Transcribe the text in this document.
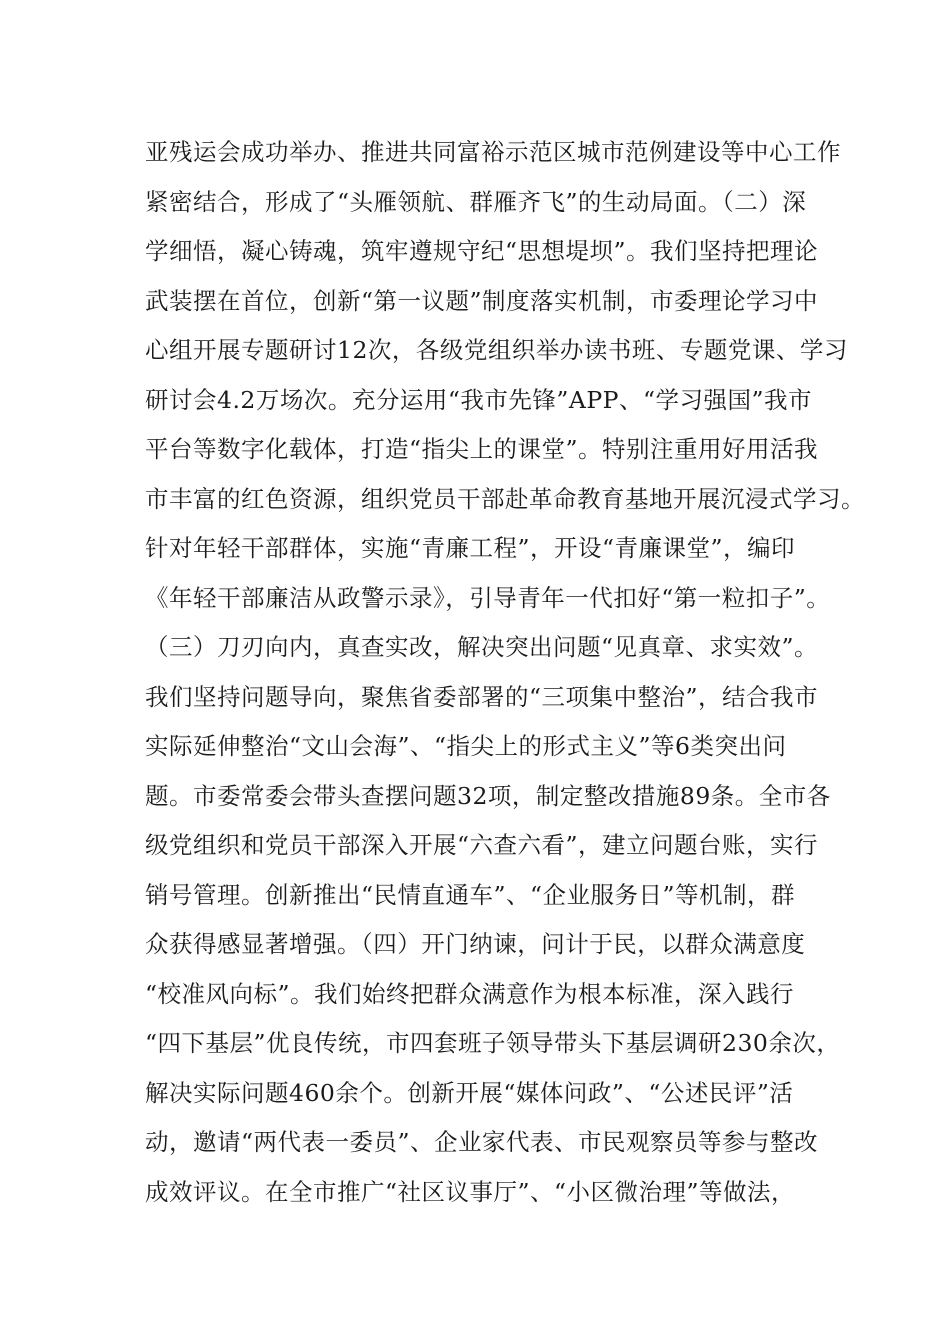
亚残运会成功举办、推进共同富裕示范区城市范例建设等中心工作
紧密结合，形成了“头雁领航、群雁齐飞”的生动局面。（二）深
学细悟，凝心铸魂，筑牢遵规守纪“思想堤坝”。我们坚持把理论
武装摆在首位，创新“第一议题”制度落实机制，市委理论学习中
心组开展专题研讨12次，各级党组织举办读书班、专题党课、学习
研讨会4.2万场次。充分运用“我市先锋”APP、“学习强国”我市
平台等数字化载体，打造“指尖上的课堂”。特别注重用好用活我
市丰富的红色资源，组织党员干部赴革命教育基地开展沉浸式学习。
针对年轻干部群体，实施“青廉工程”，开设“青廉课堂”，编印
《年轻干部廉洁从政警示录》，引导青年一代扣好“第一粒扣子”。
（三）刀刃向内，真查实改，解决突出问题“见真章、求实效”。
我们坚持问题导向，聚焦省委部署的“三项集中整治”，结合我市
实际延伸整治“文山会海”、“指尖上的形式主义”等6类突出问
题。市委常委会带头查摆问题32项，制定整改措施89条。全市各
级党组织和党员干部深入开展“六查六看”，建立问题台账，实行
销号管理。创新推出“民情直通车”、“企业服务日”等机制，群
众获得感显著增强。（四）开门纳谏，问计于民，以群众满意度
“校准风向标”。我们始终把群众满意作为根本标准，深入践行
“四下基层”优良传统，市四套班子领导带头下基层调研230余次，
解决实际问题460余个。创新开展“媒体问政”、“公述民评”活
动，邀请“两代表一委员”、企业家代表、市民观察员等参与整改
成效评议。在全市推广“社区议事厅”、“小区微治理”等做法，
